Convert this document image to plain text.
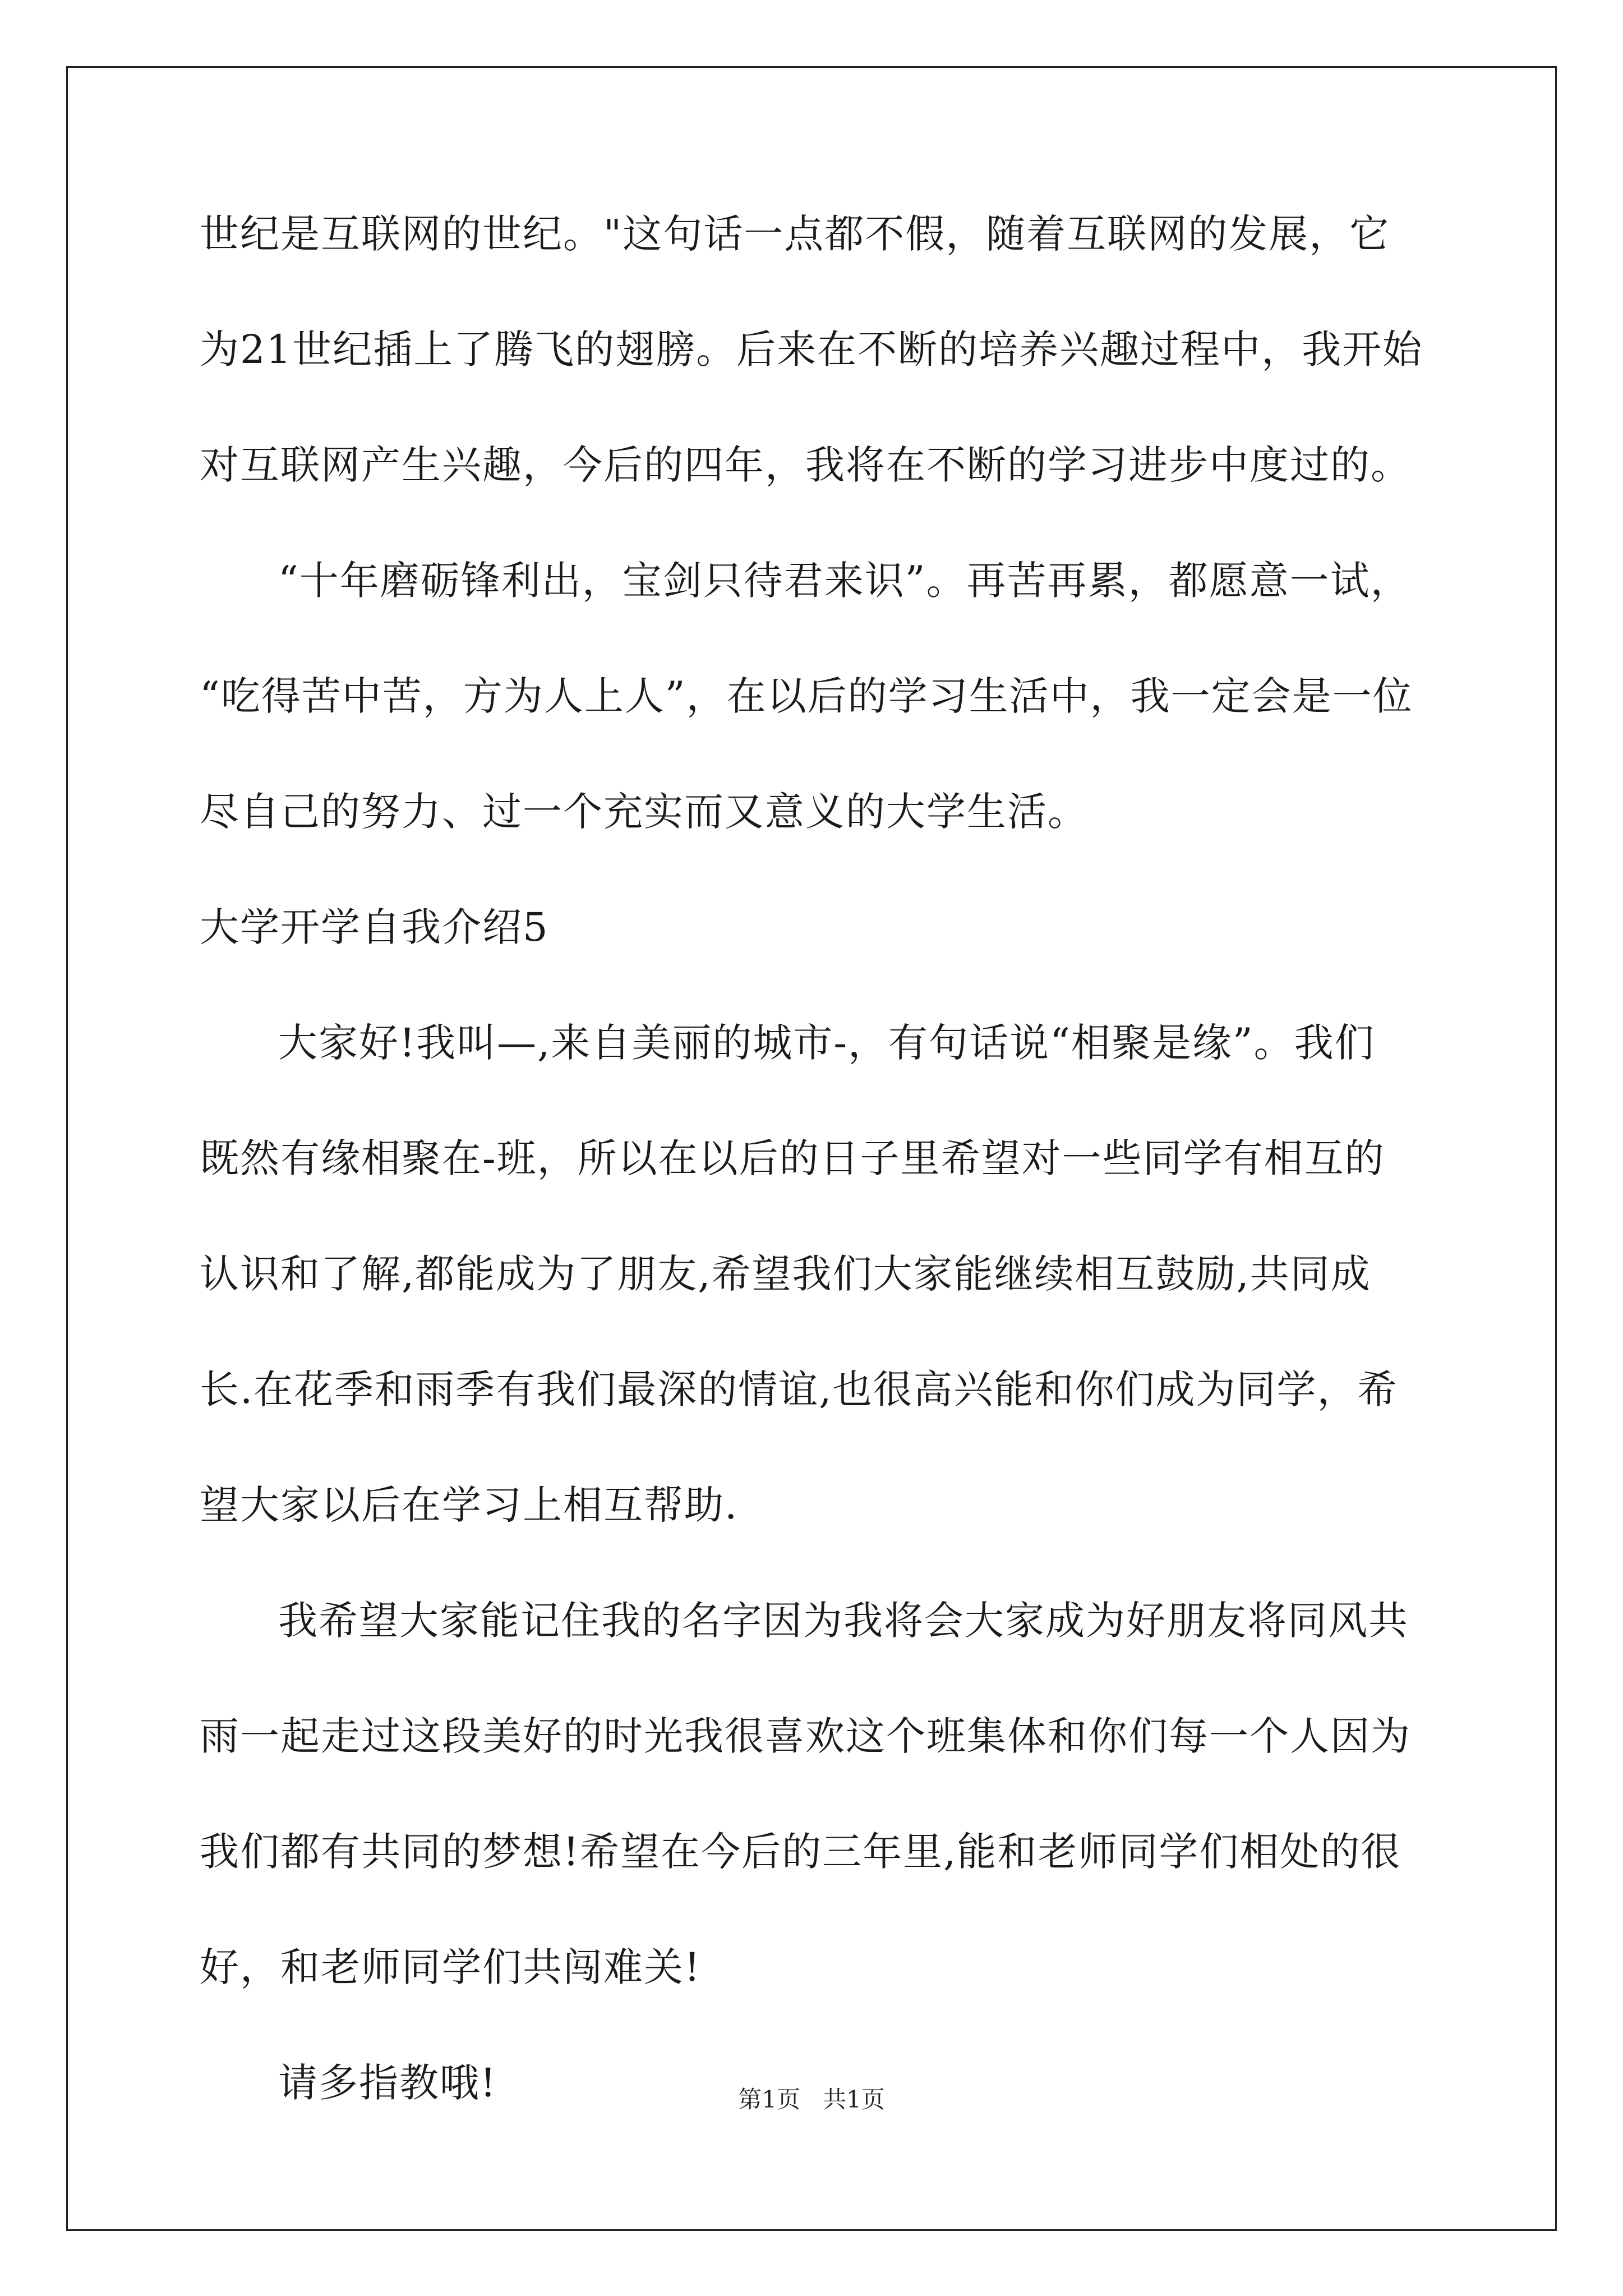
世纪是互联网的世纪。"这句话一点都不假，随着互联网的发展，它

为21世纪插上了腾飞的翅膀。后来在不断的培养兴趣过程中，我开始

对互联网产生兴趣，今后的四年，我将在不断的学习进步中度过的。

“十年磨砺锋利出，宝剑只待君来识”。再苦再累，都愿意一试，

“吃得苦中苦，方为人上人”，在以后的学习生活中，我一定会是一位

尽自己的努力、过一个充实而又意义的大学生活。

大学开学自我介绍5

大家好!我叫—,来自美丽的城市-，有句话说“相聚是缘”。我们

既然有缘相聚在-班，所以在以后的日子里希望对一些同学有相互的

认识和了解,都能成为了朋友,希望我们大家能继续相互鼓励,共同成

长.在花季和雨季有我们最深的情谊,也很高兴能和你们成为同学，希

望大家以后在学习上相互帮助.

我希望大家能记住我的名字因为我将会大家成为好朋友将同风共

雨一起走过这段美好的时光我很喜欢这个班集体和你们每一个人因为

我们都有共同的梦想!希望在今后的三年里,能和老师同学们相处的很

好，和老师同学们共闯难关!

请多指教哦!	第1页 共1页
